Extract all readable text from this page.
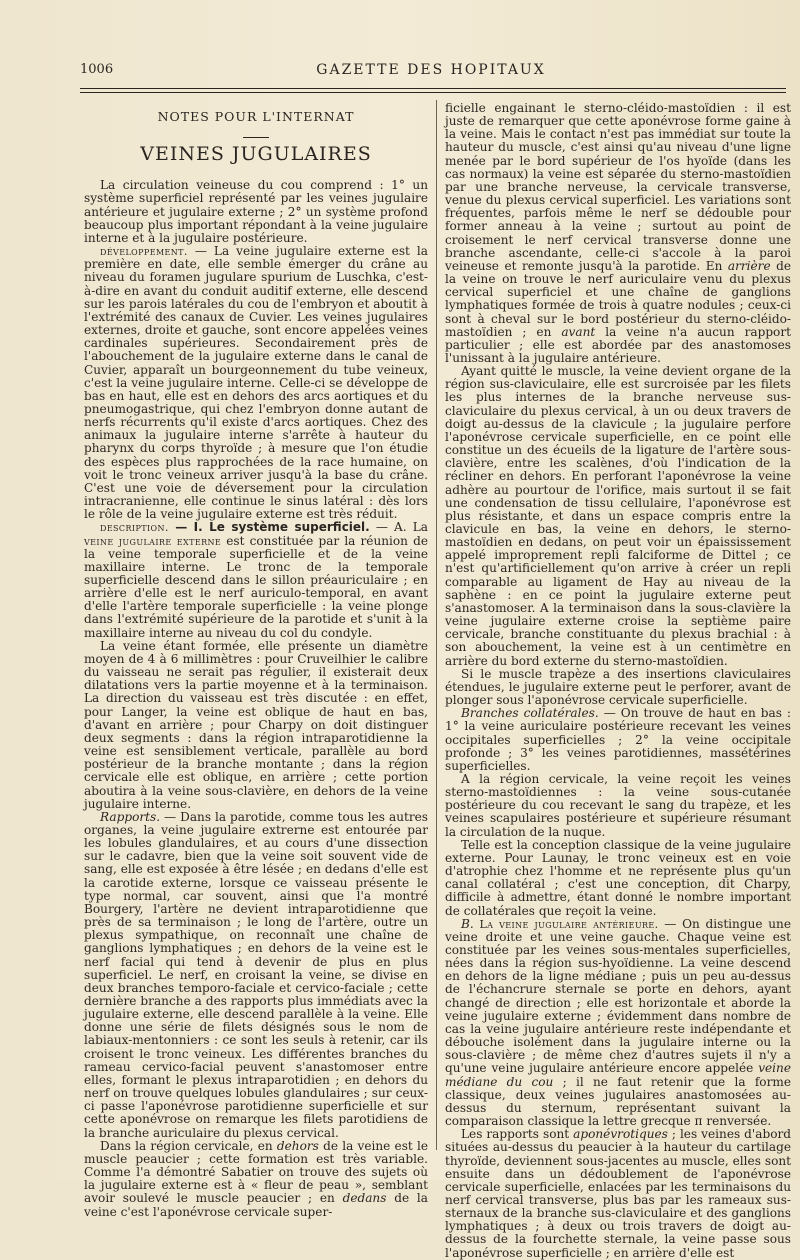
1006	GAZETTE DES HOPITAUX
NOTES POUR L'INTERNAT
VEINES JUGULAIRES

La circulation veineuse du cou comprend : 1° un système superficiel représenté par les veines jugulaire antérieure et jugulaire externe ; 2° un système profond beaucoup plus important répondant à la veine jugulaire interne et à la jugulaire postérieure.

développement. — La veine jugulaire externe est la première en date, elle semble émerger du crâne au niveau du foramen jugulare spurium de Luschka, c'est-à-dire en avant du conduit auditif externe, elle descend sur les parois latérales du cou de l'embryon et aboutit à l'extrémité des canaux de Cuvier. Les veines jugulaires externes, droite et gauche, sont encore appelées veines cardinales supérieures. Secondairement près de l'abouchement de la jugulaire externe dans le canal de Cuvier, apparaît un bourgeonnement du tube veineux, c'est la veine jugulaire interne. Celle-ci se développe de bas en haut, elle est en dehors des arcs aortiques et du pneumogastrique, qui chez l'embryon donne autant de nerfs récurrents qu'il existe d'arcs aortiques. Chez des animaux la jugulaire interne s'arrête à hauteur du pharynx du corps thyroïde ; à mesure que l'on étudie des espèces plus rapprochées de la race humaine, on voit le tronc veineux arriver jusqu'à la base du crâne. C'est une voie de déversement pour la circulation intracranienne, elle continue le sinus latéral : dès lors le rôle de la veine jugulaire externe est très réduit.

description. — I. Le système superficiel. — A. La veine jugulaire externe est constituée par la réunion de la veine temporale superficielle et de la veine maxillaire interne. Le tronc de la temporale superficielle descend dans le sillon préauriculaire ; en arrière d'elle est le nerf auriculo-temporal, en avant d'elle l'artère temporale superficielle : la veine plonge dans l'extrémité supérieure de la parotide et s'unit à la maxillaire interne au niveau du col du condyle.

La veine étant formée, elle présente un diamètre moyen de 4 à 6 millimètres : pour Cruveilhier le calibre du vaisseau ne serait pas régulier, il existerait deux dilatations vers la partie moyenne et à la terminaison. La direction du vaisseau est très discutée : en effet, pour Langer, la veine est oblique de haut en bas, d'avant en arrière ; pour Charpy on doit distinguer deux segments : dans la région intraparotidienne la veine est sensiblement verticale, parallèle au bord postérieur de la branche montante ; dans la région cervicale elle est oblique, en arrière ; cette portion aboutira à la veine sous-clavière, en dehors de la veine jugulaire interne.

Rapports. — Dans la parotide, comme tous les autres organes, la veine jugulaire extrerne est entourée par les lobules glandulaires, et au cours d'une dissection sur le cadavre, bien que la veine soit souvent vide de sang, elle est exposée à être lésée ; en dedans d'elle est la carotide externe, lorsque ce vaisseau présente le type normal, car souvent, ainsi que l'a montré Bourgery, l'artère ne devient intraparotidienne que près de sa terminaison ; le long de l'artère, outre un plexus sympathique, on reconnaît une chaîne de ganglions lymphatiques ; en dehors de la veine est le nerf facial qui tend à devenir de plus en plus superficiel. Le nerf, en croisant la veine, se divise en deux branches temporo-faciale et cervico-faciale ; cette dernière branche a des rapports plus immédiats avec la jugulaire externe, elle descend parallèle à la veine. Elle donne une série de filets désignés sous le nom de labiaux-mentonniers : ce sont les seuls à retenir, car ils croisent le tronc veineux. Les différentes branches du rameau cervico-facial peuvent s'anastomoser entre elles, formant le plexus intraparotidien ; en dehors du nerf on trouve quelques lobules glandulaires ; sur ceux-ci passe l'aponévrose parotidienne superficielle et sur cette aponévrose on remarque les filets parotidiens de la branche auriculaire du plexus cervical.

Dans la région cervicale, en dehors de la veine est le muscle peaucier ; cette formation est très variable. Comme l'a démontré Sabatier on trouve des sujets où la jugulaire externe est à « fleur de peau », semblant avoir soulevé le muscle peaucier ; en dedans de la veine c'est l'aponévrose cervicale super-

ficielle engainant le sterno-cléido-mastoïdien : il est juste de remarquer que cette aponévrose forme gaine à la veine. Mais le contact n'est pas immédiat sur toute la hauteur du muscle, c'est ainsi qu'au niveau d'une ligne menée par le bord supérieur de l'os hyoïde (dans les cas normaux) la veine est séparée du sterno-mastoïdien par une branche nerveuse, la cervicale transverse, venue du plexus cervical superficiel. Les variations sont fréquentes, parfois même le nerf se dédouble pour former anneau à la veine ; surtout au point de croisement le nerf cervical transverse donne une branche ascendante, celle-ci s'accole à la paroi veineuse et remonte jusqu'à la parotide. En arrière de la veine on trouve le nerf auriculaire venu du plexus cervical superficiel et une chaîne de ganglions lymphatiques formée de trois à quatre nodules ; ceux-ci sont à cheval sur le bord postérieur du sterno-cléido-mastoïdien ; en avant la veine n'a aucun rapport particulier ; elle est abordée par des anastomoses l'unissant à la jugulaire antérieure.

Ayant quitté le muscle, la veine devient organe de la région sus-claviculaire, elle est surcroisée par les filets les plus internes de la branche nerveuse sus-claviculaire du plexus cervical, à un ou deux travers de doigt au-dessus de la clavicule ; la jugulaire perfore l'aponévrose cervicale superficielle, en ce point elle constitue un des écueils de la ligature de l'artère sous-clavière, entre les scalènes, d'où l'indication de la récliner en dehors. En perforant l'aponévrose la veine adhère au pourtour de l'orifice, mais surtout il se fait une condensation de tissu cellulaire, l'aponévrose est plus résistante, et dans un espace compris entre la clavicule en bas, la veine en dehors, le sterno-mastoïdien en dedans, on peut voir un épaississement appelé improprement repli falciforme de Dittel ; ce n'est qu'artificiellement qu'on arrive à créer un repli comparable au ligament de Hay au niveau de la saphène : en ce point la jugulaire externe peut s'anastomoser. A la terminaison dans la sous-clavière la veine jugulaire externe croise la septième paire cervicale, branche constituante du plexus brachial : à son abouchement, la veine est à un centimètre en arrière du bord externe du sterno-mastoïdien.

Si le muscle trapèze a des insertions claviculaires étendues, le jugulaire externe peut le perforer, avant de plonger sous l'aponévrose cervicale superficielle.

Branches collatérales. — On trouve de haut en bas : 1° la veine auriculaire postérieure recevant les veines occipitales superficielles ; 2° la veine occipitale profonde ; 3° les veines parotidiennes, massétérines superficielles.

A la région cervicale, la veine reçoit les veines sterno-mastoïdiennes : la veine sous-cutanée postérieure du cou recevant le sang du trapèze, et les veines scapulaires postérieure et supérieure résumant la circulation de la nuque.

Telle est la conception classique de la veine jugulaire externe. Pour Launay, le tronc veineux est en voie d'atrophie chez l'homme et ne représente plus qu'un canal collatéral ; c'est une conception, dit Charpy, difficile à admettre, étant donné le nombre important de collatérales que reçoit la veine.

B. La veine jugulaire antérieure. — On distingue une veine droite et une veine gauche. Chaque veine est constituée par les veines sous-mentales superficielles, nées dans la région sus-hyoïdienne. La veine descend en dehors de la ligne médiane ; puis un peu au-dessus de l'échancrure sternale se porte en dehors, ayant changé de direction ; elle est horizontale et aborde la veine jugulaire externe ; évidemment dans nombre de cas la veine jugulaire antérieure reste indépendante et débouche isolément dans la jugulaire interne ou la sous-clavière ; de même chez d'autres sujets il n'y a qu'une veine jugulaire antérieure encore appelée veine médiane du cou ; il ne faut retenir que la forme classique, deux veines jugulaires anastomosées au-dessus du sternum, représentant suivant la comparaison classique la lettre grecque π renversée.

Les rapports sont aponévrotiques ; les veines d'abord situées au-dessus du peaucier à la hauteur du cartilage thyroïde, deviennent sous-jacentes au muscle, elles sont ensuite dans un dédoublement de l'aponévrose cervicale superficielle, enlacées par les terminaisons du nerf cervical transverse, plus bas par les rameaux sus-sternaux de la branche sus-claviculaire et des ganglions lymphatiques ; à deux ou trois travers de doigt au-dessus de la fourchette sternale, la veine passe sous l'aponévrose superficielle ; en arrière d'elle est
